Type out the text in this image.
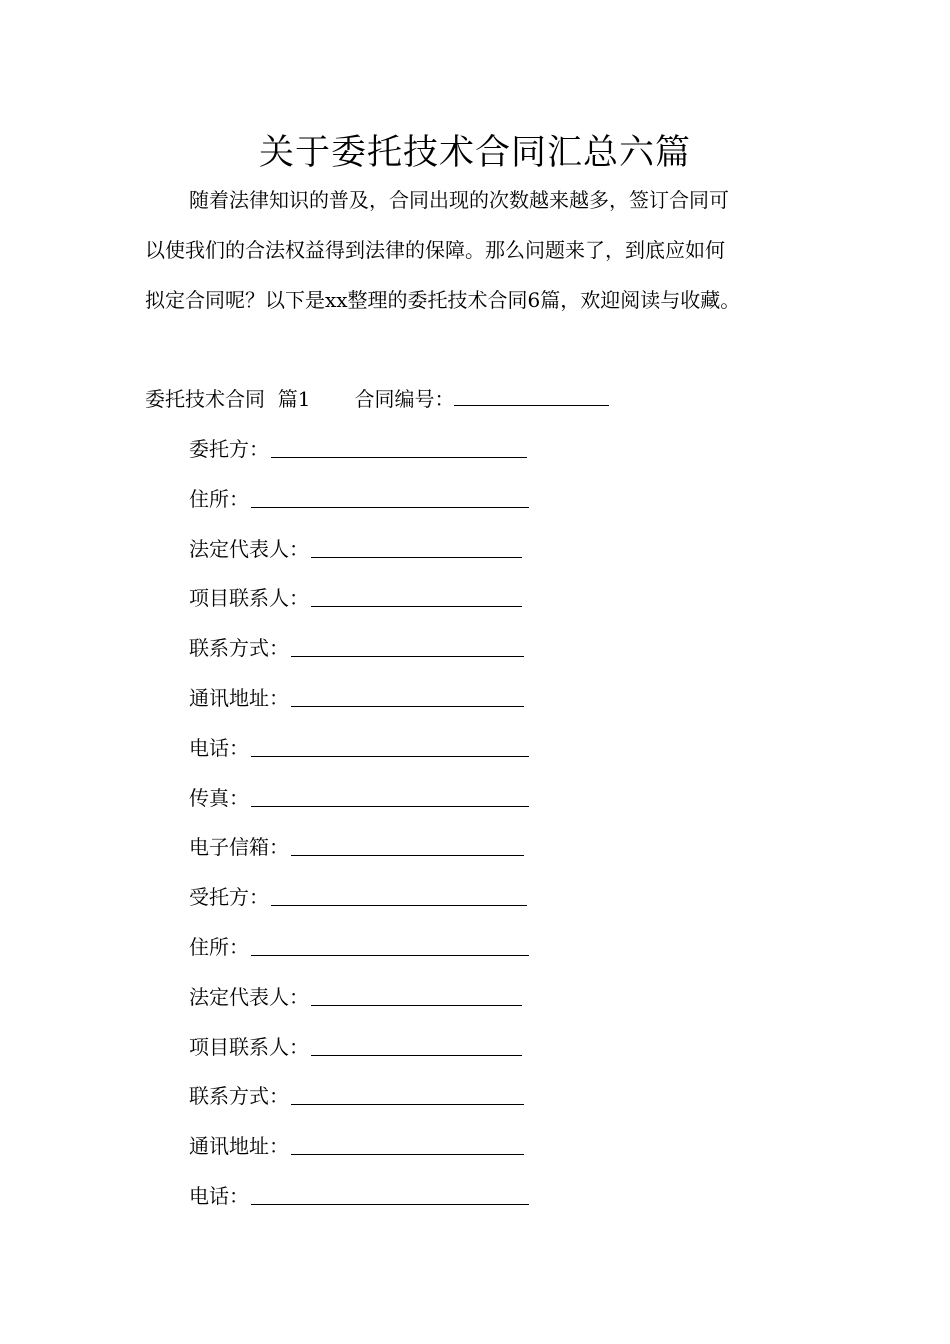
关于委托技术合同汇总六篇
随着法律知识的普及，合同出现的次数越来越多，签订合同可
以使我们的合法权益得到法律的保障。那么问题来了，到底应如何
拟定合同呢？以下是xx整理的委托技术合同6篇，欢迎阅读与收藏。
委托技术合同  篇1 合同编号：
委托方：
住所：
法定代表人：
项目联系人：
联系方式：
通讯地址：
电话：
传真：
电子信箱：
受托方：
住所：
法定代表人：
项目联系人：
联系方式：
通讯地址：
电话：
